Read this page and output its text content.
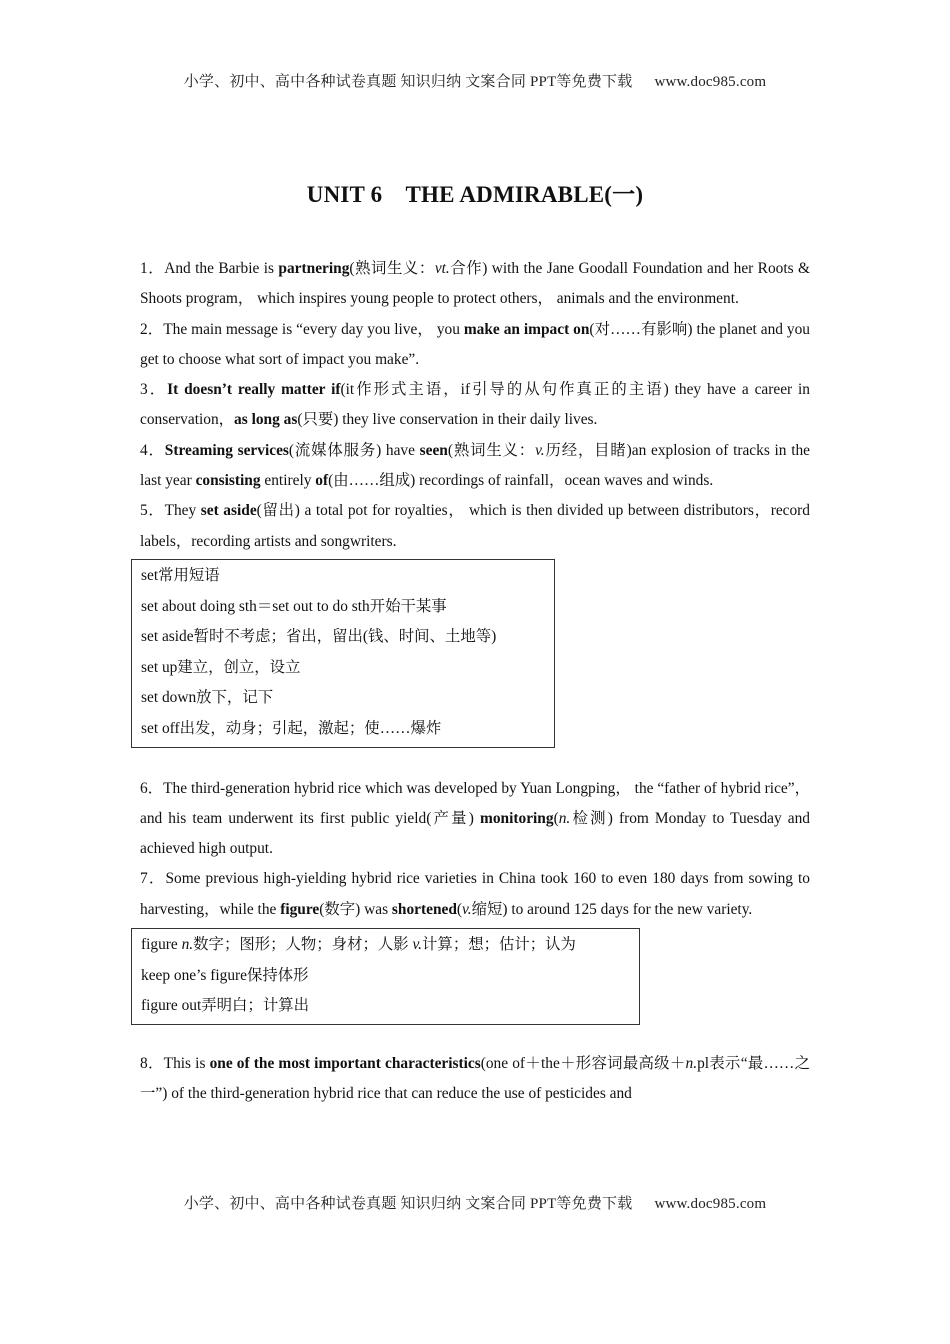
小学、初中、高中各种试卷真题 知识归纳 文案合同 PPT等免费下载 www.doc985.com
UNIT 6　THE ADMIRABLE(一)

1．And the Barbie is partnering(熟词生义：vt.合作) with the Jane Goodall Foundation and her Roots & Shoots program， which inspires young people to protect others， animals and the environment.

2．The main message is “every day you live， you make an impact on(对……有影响) the planet and you get to choose what sort of impact you make”.

3．It doesn’t really matter if(it作形式主语，if引导的从句作真正的主语) they have a career in conservation，as long as(只要) they live conservation in their daily lives.

4．Streaming services(流媒体服务) have seen(熟词生义：v.历经，目睹)an explosion of tracks in the last year consisting entirely of(由……组成) recordings of rainfall，ocean waves and winds.

5．They set aside(留出) a total pot for royalties， which is then divided up between distributors，record labels，recording artists and songwriters.

set常用短语
set about doing sth＝set out to do sth开始干某事
set aside暂时不考虑；省出，留出(钱、时间、土地等)
set up建立，创立，设立
set down放下，记下
set off出发，动身；引起，激起；使……爆炸

6．The third-generation hybrid rice which was developed by Yuan Longping， the “father of hybrid rice”， and his team underwent its first public yield(产量) monitoring(n.检测) from Monday to Tuesday and achieved high output.

7．Some previous high-yielding hybrid rice varieties in China took 160 to even 180 days from sowing to harvesting，while the figure(数字) was shortened(v.缩短) to around 125 days for the new variety.

figure n.数字；图形；人物；身材；人影 v.计算；想；估计；认为
keep one’s figure保持体形
figure out弄明白；计算出

8．This is one of the most important characteristics(one of＋the＋形容词最高级＋n.pl表示“最……之一”) of the third-generation hybrid rice that can reduce the use of pesticides and

小学、初中、高中各种试卷真题 知识归纳 文案合同 PPT等免费下载 www.doc985.com
